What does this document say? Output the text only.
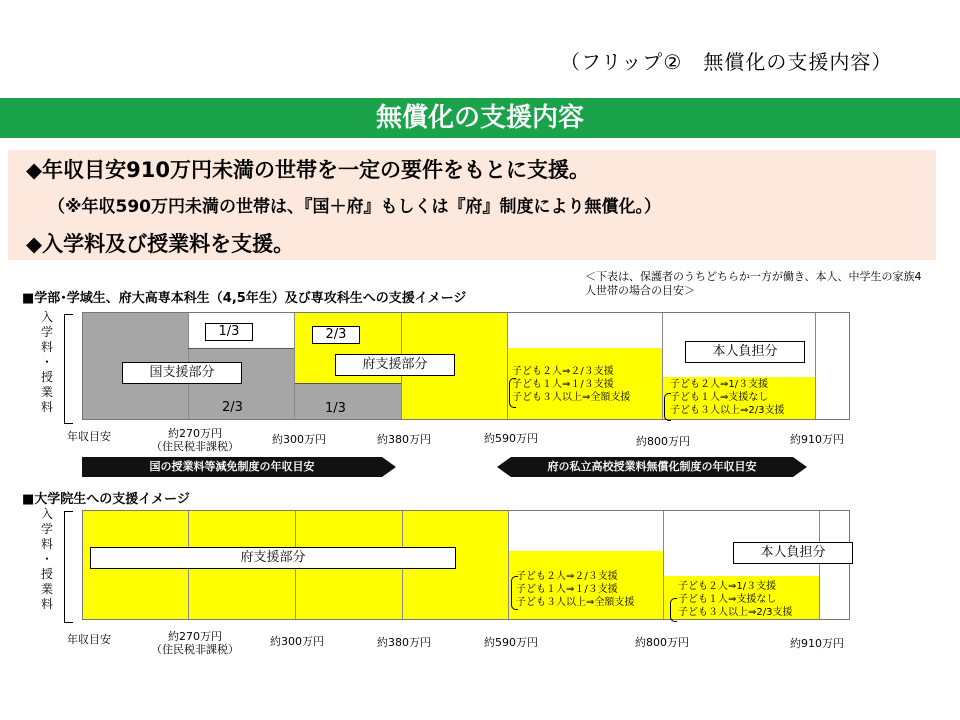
（フリップ②　無償化の支援内容）
無償化の支援内容
◆年収目安910万円未満の世帯を一定の要件をもとに支援。
（※年収590万円未満の世帯は、『国＋府』もしくは『府』制度により無償化。）
◆入学料及び授業料を支援。
■学部･学域生、府大高専本科生（4,5年生）及び専攻科生への支援イメージ
＜下表は、保護者のうちどちらか一方が働き、本人、中学生の家族4
人世帯の場合の目安＞
入
学
料
・
授
業
料
1/3
国支援部分
2/3
2/3
府支援部分
1/3
本人負担分
子ども２人⇒２/３支援
子ども１人⇒１/３支援
子ども３人以上⇒全額支援
子ども２人⇒1/３支援
子ども１人⇒支援なし
子ども３人以上⇒2/3支援
年収目安	約270万円
（住民税非課税）
約300万円	約380万円	約590万円	約800万円	約910万円
国の授業料等減免制度の年収目安	府の私立高校授業料無償化制度の年収目安
■大学院生への支援イメージ
入
学
料
・
授
業
料
府支援部分	本人負担分
子ども２人⇒２/３支援
子ども１人⇒１/３支援
子ども３人以上⇒全額支援
子ども２人⇒1/３支援
子ども１人⇒支援なし
子ども３人以上⇒2/3支援
年収目安	約270万円
（住民税非課税）
約300万円	約380万円	約590万円	約800万円	約910万円
